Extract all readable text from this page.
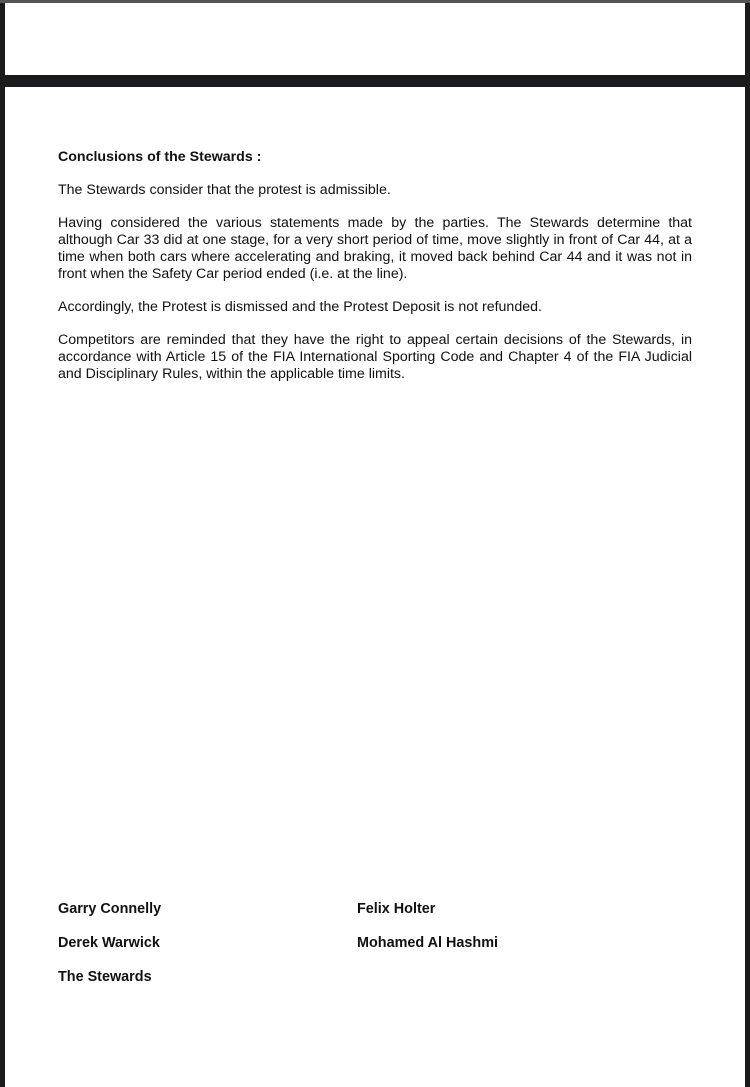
Conclusions of the Stewards :

The Stewards consider that the protest is admissible.

Having considered the various statements made by the parties. The Stewards determine that although Car 33 did at one stage, for a very short period of time, move slightly in front of Car 44, at a time when both cars where accelerating and braking, it moved back behind Car 44 and it was not in front when the Safety Car period ended (i.e. at the line).

Accordingly, the Protest is dismissed and the Protest Deposit is not refunded.

Competitors are reminded that they have the right to appeal certain decisions of the Stewards, in accordance with Article 15 of the FIA International Sporting Code and Chapter 4 of the FIA Judicial and Disciplinary Rules, within the applicable time limits.

Garry Connelly	Felix Holter
Derek Warwick	Mohamed Al Hashmi
The Stewards
